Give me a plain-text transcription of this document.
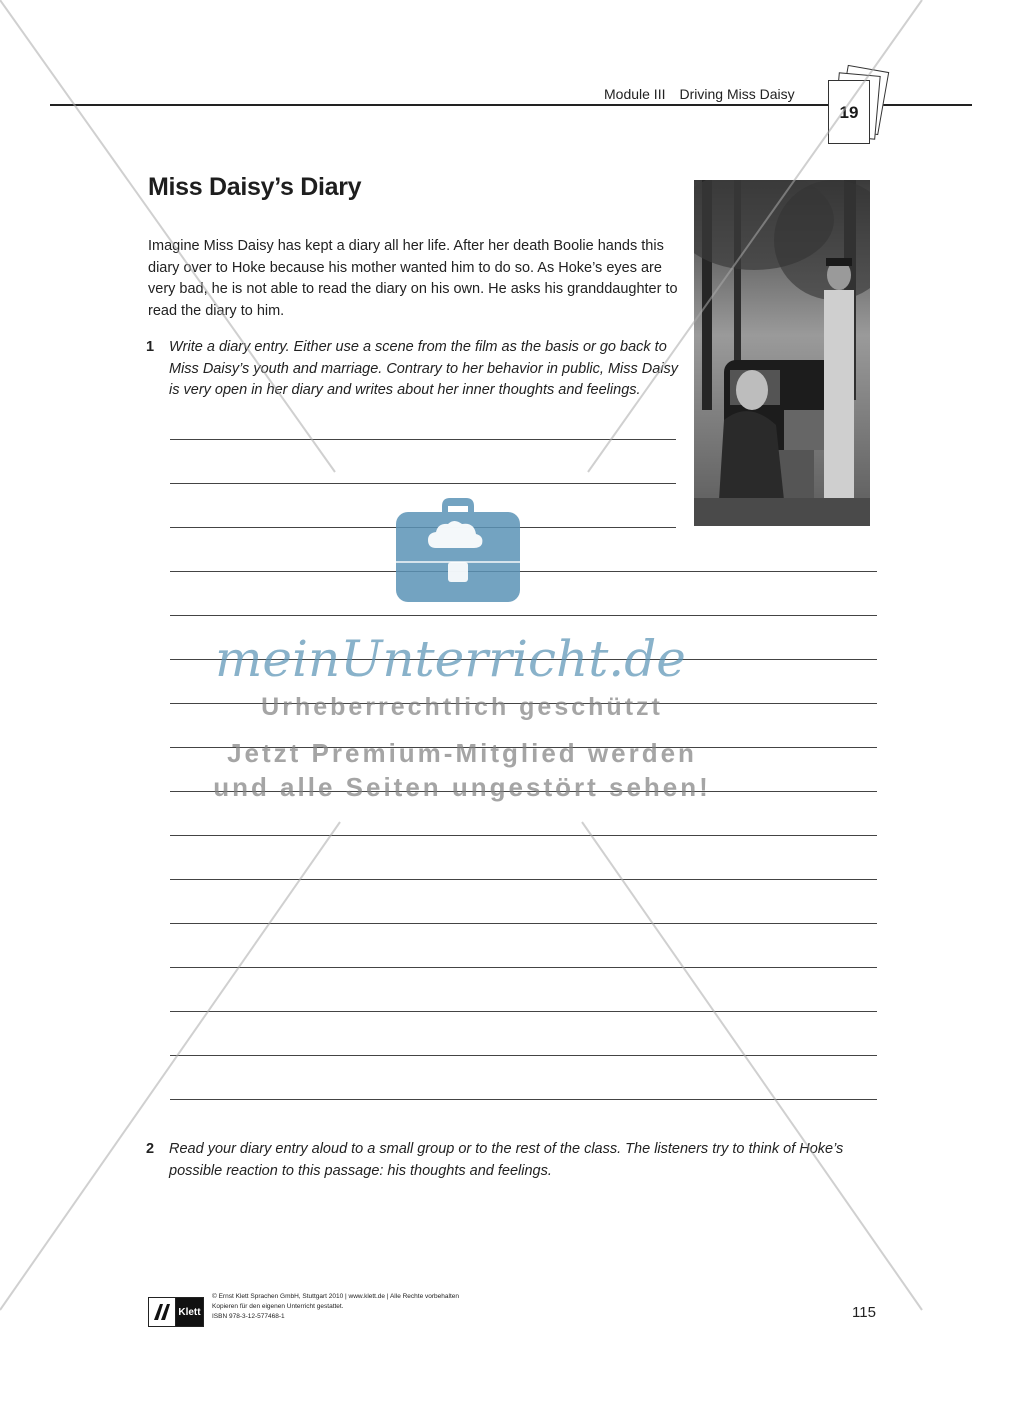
Module III Driving Miss Daisy
19
Miss Daisy’s Diary
Imagine Miss Daisy has kept a diary all her life. After her death Boolie hands this diary over to Hoke because his mother wanted him to do so. As Hoke’s eyes are very bad, he is not able to read the diary on his own. He asks his granddaughter to read the diary to him.
1 Write a diary entry. Either use a scene from the film as the basis or go back to Miss Daisy’s youth and marriage. Contrary to her behavior in public, Miss Daisy is very open in her diary and writes about her inner thoughts and feelings.
2 Read your diary entry aloud to a small group or to the rest of the class. The listeners try to think of Hoke’s possible reaction to this passage: his thoughts and feelings.
Klett
© Ernst Klett Sprachen GmbH, Stuttgart 2010 | www.klett.de | Alle Rechte vorbehalten
Kopieren für den eigenen Unterricht gestattet.
ISBN 978-3-12-577468-1	115
meinUnterricht.de
Urheberrechtlich geschützt
Jetzt Premium-Mitglied werden
und alle Seiten ungestört sehen!
